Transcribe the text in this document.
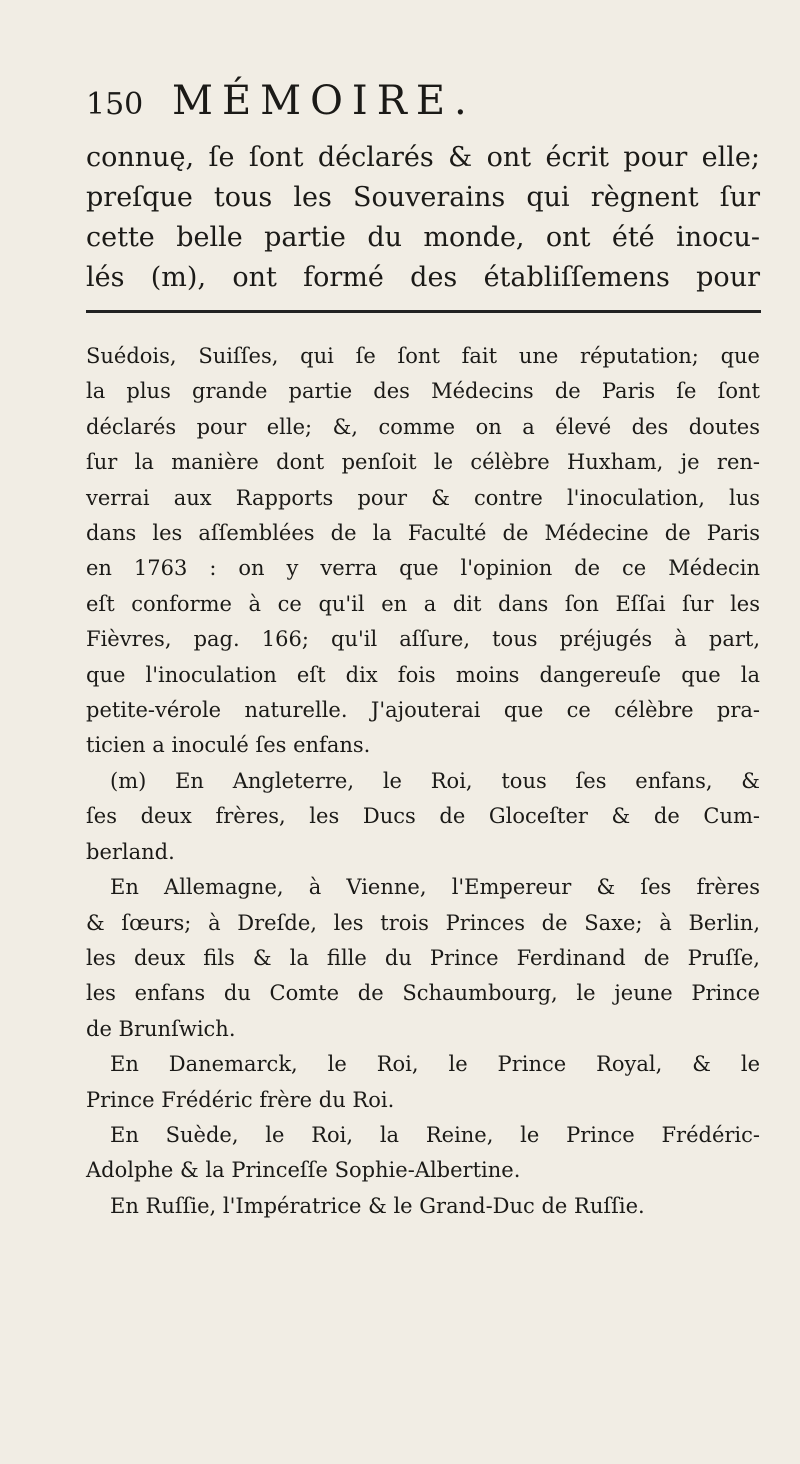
150 MÉMOIRE.

connuę, ſe ſont déclarés & ont écrit pour elle;
preſque tous les Souverains qui règnent ſur
cette belle partie du monde, ont été inocu-
lés (m), ont formé des établiſſemens pour

Suédois, Suiſſes, qui ſe ſont fait une réputation; que
la plus grande partie des Médecins de Paris ſe ſont
déclarés pour elle; &, comme on a élevé des doutes
ſur la manière dont penſoit le célèbre Huxham, je ren-
verrai aux Rapports pour & contre l'inoculation, lus
dans les aſſemblées de la Faculté de Médecine de Paris
en 1763 : on y verra que l'opinion de ce Médecin
eſt conforme à ce qu'il en a dit dans ſon Eſſai ſur les
Fièvres, pag. 166; qu'il aſſure, tous préjugés à part,
que l'inoculation eſt dix fois moins dangereuſe que la
petite-vérole naturelle. J'ajouterai que ce célèbre pra-
ticien a inoculé ſes enfans.

(m) En Angleterre, le Roi, tous ſes enfans, &
ſes deux frères, les Ducs de Gloceſter & de Cum-
berland.

En Allemagne, à Vienne, l'Empereur & ſes frères
& ſœurs; à Dreſde, les trois Princes de Saxe; à Berlin,
les deux fils & la fille du Prince Ferdinand de Pruſſe,
les enfans du Comte de Schaumbourg, le jeune Prince
de Brunſwich.

En Danemarck, le Roi, le Prince Royal, & le
Prince Frédéric frère du Roi.

En Suède, le Roi, la Reine, le Prince Frédéric-
Adolphe & la Princeſſe Sophie-Albertine.

En Ruſſie, l'Impératrice & le Grand-Duc de Ruſſie.
